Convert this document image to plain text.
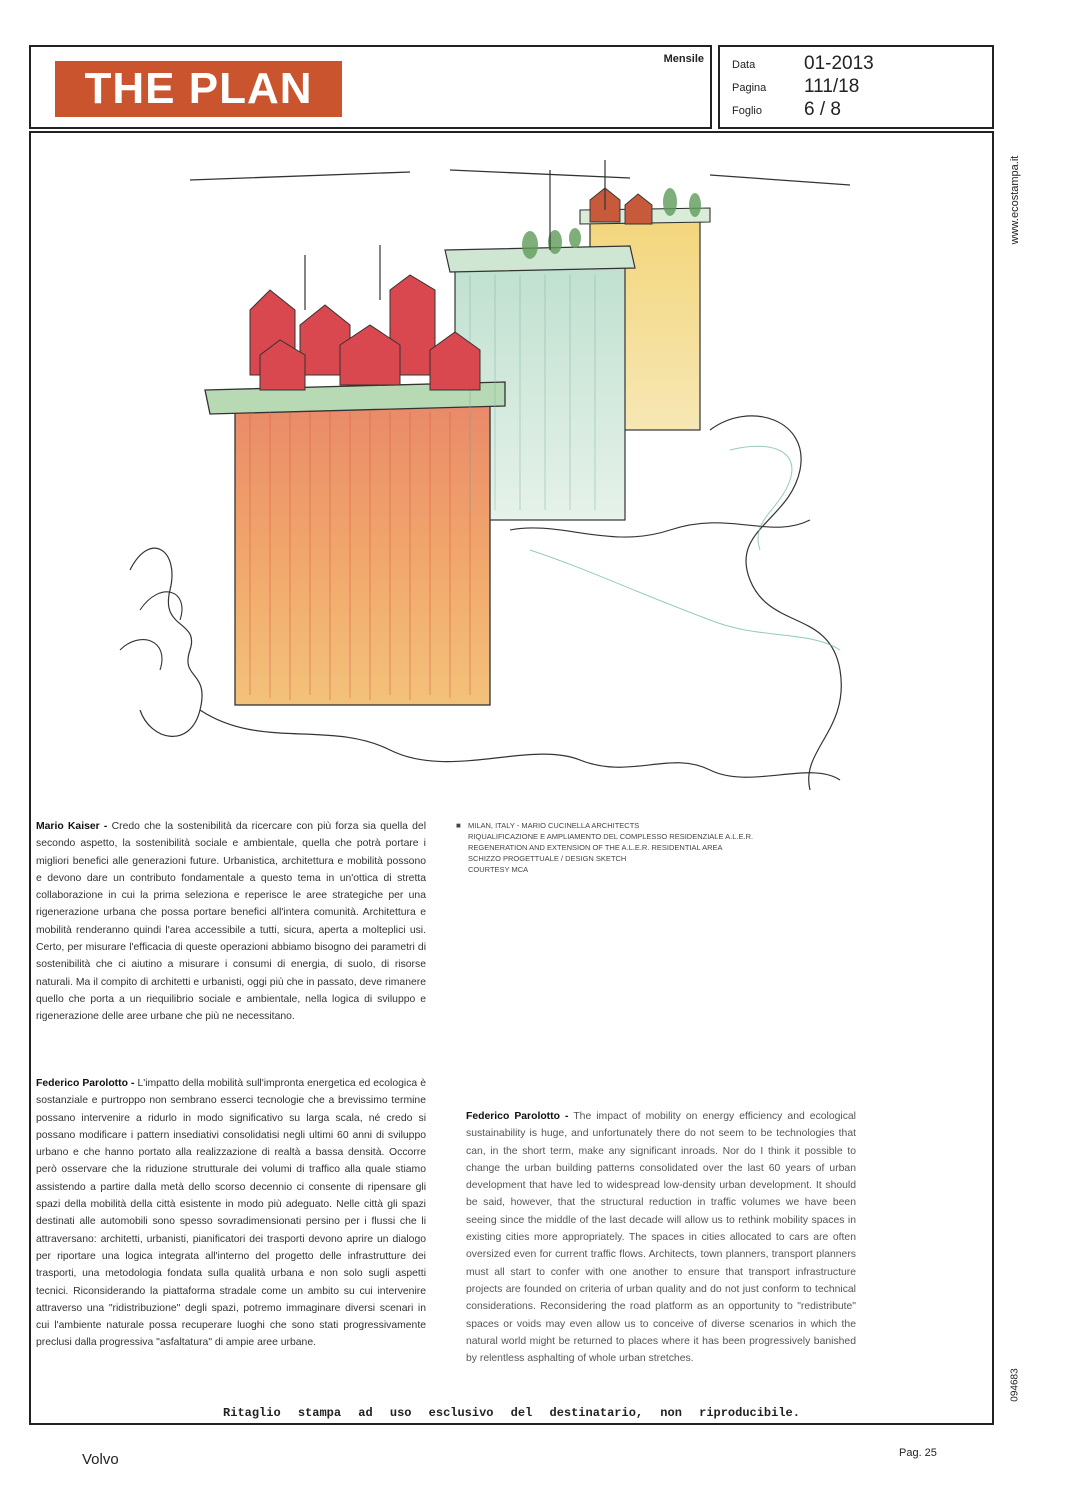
THE PLAN
Mensile	Data	01-2013
Pagina 111/18
Foglio 6 / 8
www.ecostampa.it
094683
■ MILAN, ITALY - MARIO CUCINELLA ARCHITECTS
RIQUALIFICAZIONE E AMPLIAMENTO DEL COMPLESSO RESIDENZIALE A.L.E.R.
REGENERATION AND EXTENSION OF THE A.L.E.R. RESIDENTIAL AREA
SCHIZZO PROGETTUALE / DESIGN SKETCH
COURTESY MCA
Mario Kaiser - Credo che la sostenibilità da ricercare con più forza sia quella del secondo aspetto, la sostenibilità sociale e ambientale, quella che potrà portare i migliori benefici alle generazioni future. Urbanistica, architettura e mobilità possono e devono dare un contributo fondamentale a questo tema in un'ottica di stretta collaborazione in cui la prima seleziona e reperisce le aree strategiche per una rigenerazione urbana che possa portare benefici all'intera comunità. Architettura e mobilità renderanno quindi l'area accessibile a tutti, sicura, aperta a molteplici usi. Certo, per misurare l'efficacia di queste operazioni abbiamo bisogno dei parametri di sostenibilità che ci aiutino a misurare i consumi di energia, di suolo, di risorse naturali. Ma il compito di architetti e urbanisti, oggi più che in passato, deve rimanere quello che porta a un riequilibrio sociale e ambientale, nella logica di sviluppo e rigenerazione delle aree urbane che più ne necessitano.
Federico Parolotto - L'impatto della mobilità sull'impronta energetica ed ecologica è sostanziale e purtroppo non sembrano esserci tecnologie che a brevissimo termine possano intervenire a ridurlo in modo significativo su larga scala, né credo si possano modificare i pattern insediativi consolidatisi negli ultimi 60 anni di sviluppo urbano e che hanno portato alla realizzazione di realtà a bassa densità. Occorre però osservare che la riduzione strutturale dei volumi di traffico alla quale stiamo assistendo a partire dalla metà dello scorso decennio ci consente di ripensare gli spazi della mobilità della città esistente in modo più adeguato. Nelle città gli spazi destinati alle automobili sono spesso sovradimensionati persino per i flussi che li attraversano: architetti, urbanisti, pianificatori dei trasporti devono aprire un dialogo per riportare una logica integrata all'interno del progetto delle infrastrutture dei trasporti, una metodologia fondata sulla qualità urbana e non solo sugli aspetti tecnici. Riconsiderando la piattaforma stradale come un ambito su cui intervenire attraverso una "ridistribuzione" degli spazi, potremo immaginare diversi scenari in cui l'ambiente naturale possa recuperare luoghi che sono stati progressivamente preclusi dalla progressiva "asfaltatura" di ampie aree urbane.
Federico Parolotto - The impact of mobility on energy efficiency and ecological sustainability is huge, and unfortunately there do not seem to be technologies that can, in the short term, make any significant inroads. Nor do I think it possible to change the urban building patterns consolidated over the last 60 years of urban development that have led to widespread low-density urban development. It should be said, however, that the structural reduction in traffic volumes we have been seeing since the middle of the last decade will allow us to rethink mobility spaces in existing cities more appropriately. The spaces in cities allocated to cars are often oversized even for current traffic flows. Architects, town planners, transport planners must all start to confer with one another to ensure that transport infrastructure projects are founded on criteria of urban quality and do not just conform to technical considerations. Reconsidering the road platform as an opportunity to "redistribute" spaces or voids may even allow us to conceive of diverse scenarios in which the natural world might be returned to places where it has been progressively banished by relentless asphalting of whole urban stretches.
Ritaglio stampa ad uso esclusivo del destinatario, non riproducibile.
Volvo	Pag. 25
